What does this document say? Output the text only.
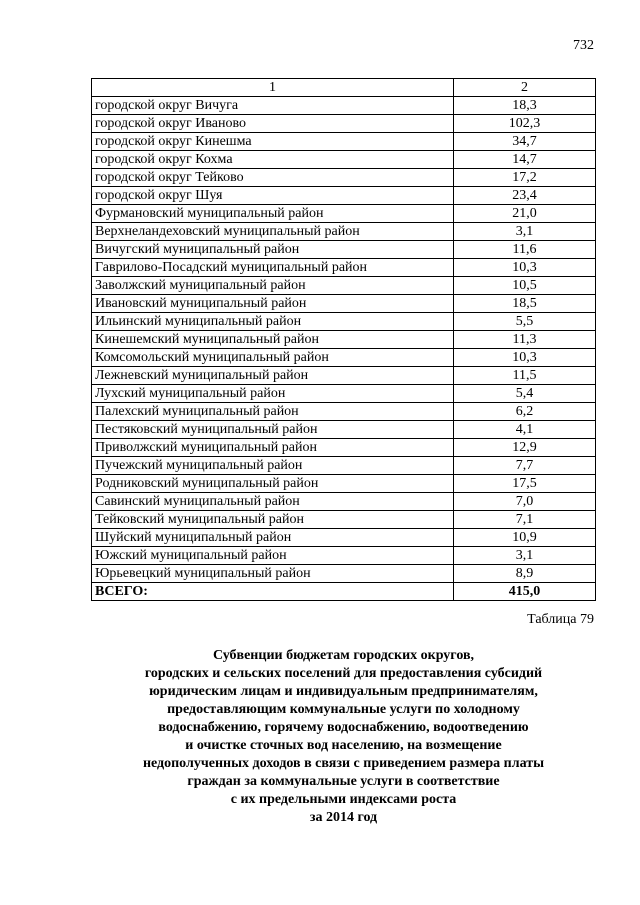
732
1	2
городской округ Вичуга	18,3
городской округ Иваново	102,3
городской округ Кинешма	34,7
городской округ Кохма	14,7
городской округ Тейково	17,2
городской округ Шуя	23,4
Фурмановский муниципальный район	21,0
Верхнеландеховский муниципальный район	3,1
Вичугский муниципальный район	11,6
Гаврилово-Посадский муниципальный район	10,3
Заволжский муниципальный район	10,5
Ивановский муниципальный район	18,5
Ильинский муниципальный район	5,5
Кинешемский муниципальный район	11,3
Комсомольский муниципальный район	10,3
Лежневский муниципальный район	11,5
Лухский муниципальный район	5,4
Палехский муниципальный район	6,2
Пестяковский муниципальный район	4,1
Приволжский муниципальный район	12,9
Пучежский муниципальный район	7,7
Родниковский муниципальный район	17,5
Савинский муниципальный район	7,0
Тейковский муниципальный район	7,1
Шуйский муниципальный район	10,9
Южский муниципальный район	3,1
Юрьевецкий муниципальный район	8,9
ВСЕГО:	415,0
Таблица 79
Субвенции бюджетам городских округов,
городских и сельских поселений для предоставления субсидий
юридическим лицам и индивидуальным предпринимателям,
предоставляющим коммунальные услуги по холодному
водоснабжению, горячему водоснабжению, водоотведению
и очистке сточных вод населению, на возмещение
недополученных доходов в связи с приведением размера платы
граждан за коммунальные услуги в соответствие
с их предельными индексами роста
за 2014 год
